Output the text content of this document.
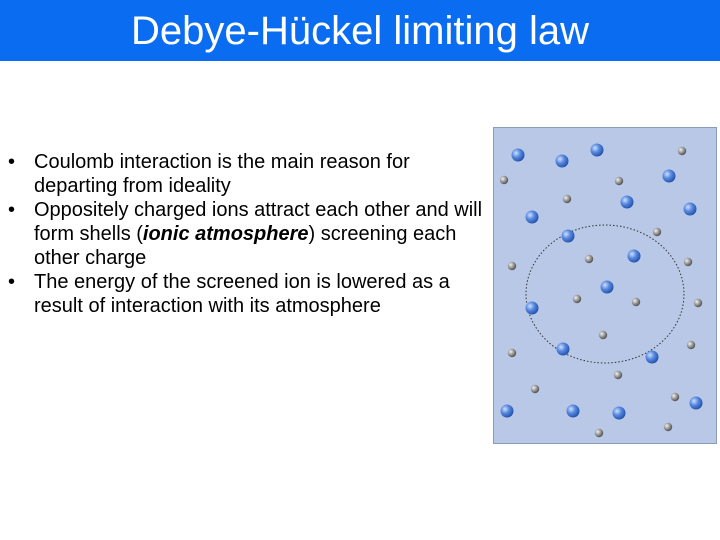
Debye-Hückel limiting law
• Coulomb interaction is the main reason for departing from ideality
• Oppositely charged ions attract each other and will form shells (ionic atmosphere) screening each other charge
• The energy of the screened ion is lowered as a result of interaction with its atmosphere
